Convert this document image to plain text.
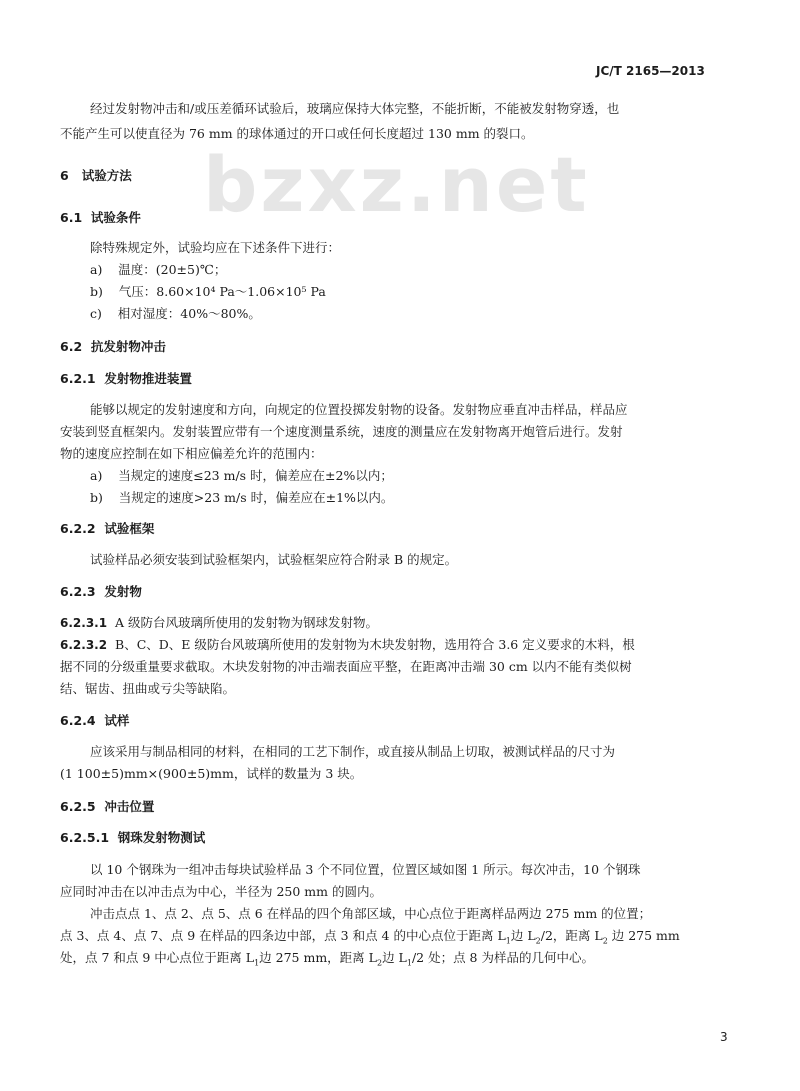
JC/T 2165—2013
bzxz.net
经过发射物冲击和/或压差循环试验后，玻璃应保持大体完整，不能折断，不能被发射物穿透，也
不能产生可以使直径为 76 mm 的球体通过的开口或任何长度超过 130 mm 的裂口。
6 试验方法
6.1 试验条件
除特殊规定外，试验均应在下述条件下进行：
a) 温度：(20±5)℃；
b) 气压：8.60×10⁴ Pa～1.06×10⁵ Pa
c) 相对湿度：40%～80%。
6.2 抗发射物冲击
6.2.1 发射物推进装置
能够以规定的发射速度和方向，向规定的位置投掷发射物的设备。发射物应垂直冲击样品，样品应
安装到竖直框架内。发射装置应带有一个速度测量系统，速度的测量应在发射物离开炮管后进行。发射
物的速度应控制在如下相应偏差允许的范围内：
a) 当规定的速度≤23 m/s 时，偏差应在±2%以内；
b) 当规定的速度>23 m/s 时，偏差应在±1%以内。
6.2.2 试验框架
试验样品必须安装到试验框架内，试验框架应符合附录 B 的规定。
6.2.3 发射物
6.2.3.1 A 级防台风玻璃所使用的发射物为钢球发射物。
6.2.3.2 B、C、D、E 级防台风玻璃所使用的发射物为木块发射物，选用符合 3.6 定义要求的木料，根
据不同的分级重量要求截取。木块发射物的冲击端表面应平整，在距离冲击端 30 cm 以内不能有类似树
结、锯齿、扭曲或亏尖等缺陷。
6.2.4 试样
应该采用与制品相同的材料，在相同的工艺下制作，或直接从制品上切取，被测试样品的尺寸为
(1 100±5)mm×(900±5)mm，试样的数量为 3 块。
6.2.5 冲击位置
6.2.5.1 钢珠发射物测试
以 10 个钢珠为一组冲击每块试验样品 3 个不同位置，位置区域如图 1 所示。每次冲击，10 个钢珠
应同时冲击在以冲击点为中心，半径为 250 mm 的圆内。
冲击点点 1、点 2、点 5、点 6 在样品的四个角部区域，中心点位于距离样品两边 275 mm 的位置；
点 3、点 4、点 7、点 9 在样品的四条边中部，点 3 和点 4 的中心点位于距离 $L_1$边 $L_2/2$，距离 $L_2$ 边 275 mm
处，点 7 和点 9 中心点位于距离 $L_1$边 275 mm，距离 $L_2$边 $L_1/2$ 处；点 8 为样品的几何中心。
3
